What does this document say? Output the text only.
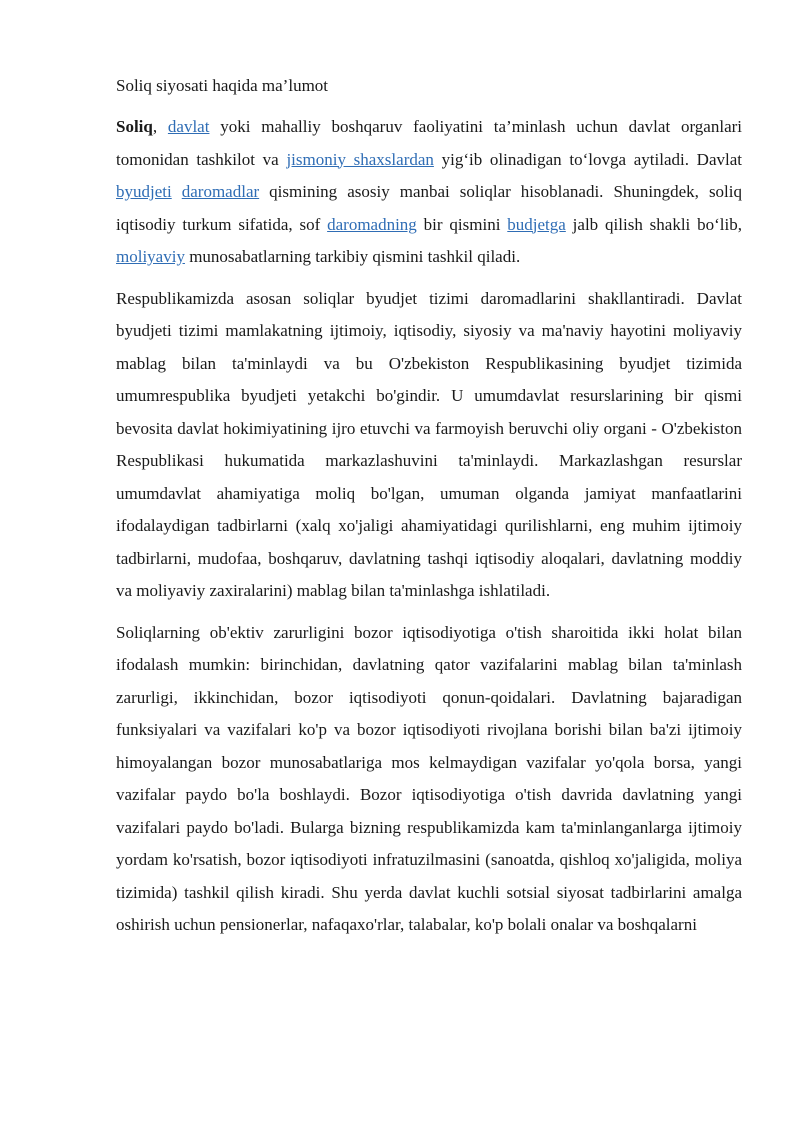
Soliq siyosati haqida ma’lumot

Soliq, davlat yoki mahalliy boshqaruv faoliyatini ta’minlash uchun davlat organlari tomonidan tashkilot va jismoniy shaxslardan yig‘ib olinadigan to‘lovga aytiladi. Davlat byudjeti daromadlar qismining asosiy manbai soliqlar hisoblanadi. Shuningdek, soliq iqtisodiy turkum sifatida, sof daromadning bir qismini budjetga jalb qilish shakli bo‘lib, moliyaviy munosabatlarning tarkibiy qismini tashkil qiladi.

Respublikamizda asosan soliqlar byudjet tizimi daromadlarini shakllantiradi. Davlat byudjeti tizimi mamlakatning ijtimoiy, iqtisodiy, siyosiy va ma'naviy hayotini moliyaviy mablag bilan ta'minlaydi va bu O'zbekiston Respublikasining byudjet tizimida umumrespublika byudjeti yetakchi bo'gindir. U umumdavlat resurslarining bir qismi bevosita davlat hokimiyatining ijro etuvchi va farmoyish beruvchi oliy organi - O'zbekiston Respublikasi hukumatida markazlashuvini ta'minlaydi. Markazlashgan resurslar umumdavlat ahamiyatiga moliq bo'lgan, umuman olganda jamiyat manfaatlarini ifodalaydigan tadbirlarni (xalq xo'jaligi ahamiyatidagi qurilishlarni, eng muhim ijtimoiy tadbirlarni, mudofaa, boshqaruv, davlatning tashqi iqtisodiy aloqalari, davlatning moddiy va moliyaviy zaxiralarini) mablag bilan ta'minlashga ishlatiladi.

Soliqlarning ob'ektiv zarurligini bozor iqtisodiyotiga o'tish sharoitida ikki holat bilan ifodalash mumkin: birinchidan, davlatning qator vazifalarini mablag bilan ta'minlash zarurligi, ikkinchidan, bozor iqtisodiyoti qonun-qoidalari. Davlatning bajaradigan funksiyalari va vazifalari ko'p va bozor iqtisodiyoti rivojlana borishi bilan ba'zi ijtimoiy himoyalangan bozor munosabatlariga mos kelmaydigan vazifalar yo'qola borsa, yangi vazifalar paydo bo'la boshlaydi. Bozor iqtisodiyotiga o'tish davrida davlatning yangi vazifalari paydo bo'ladi. Bularga bizning respublikamizda kam ta'minlanganlarga ijtimoiy yordam ko'rsatish, bozor iqtisodiyoti infratuzilmasini (sanoatda, qishloq xo'jaligida, moliya tizimida) tashkil qilish kiradi. Shu yerda davlat kuchli sotsial siyosat tadbirlarini amalga oshirish uchun pensionerlar, nafaqaxo'rlar, talabalar, ko'p bolali onalar va boshqalarni
